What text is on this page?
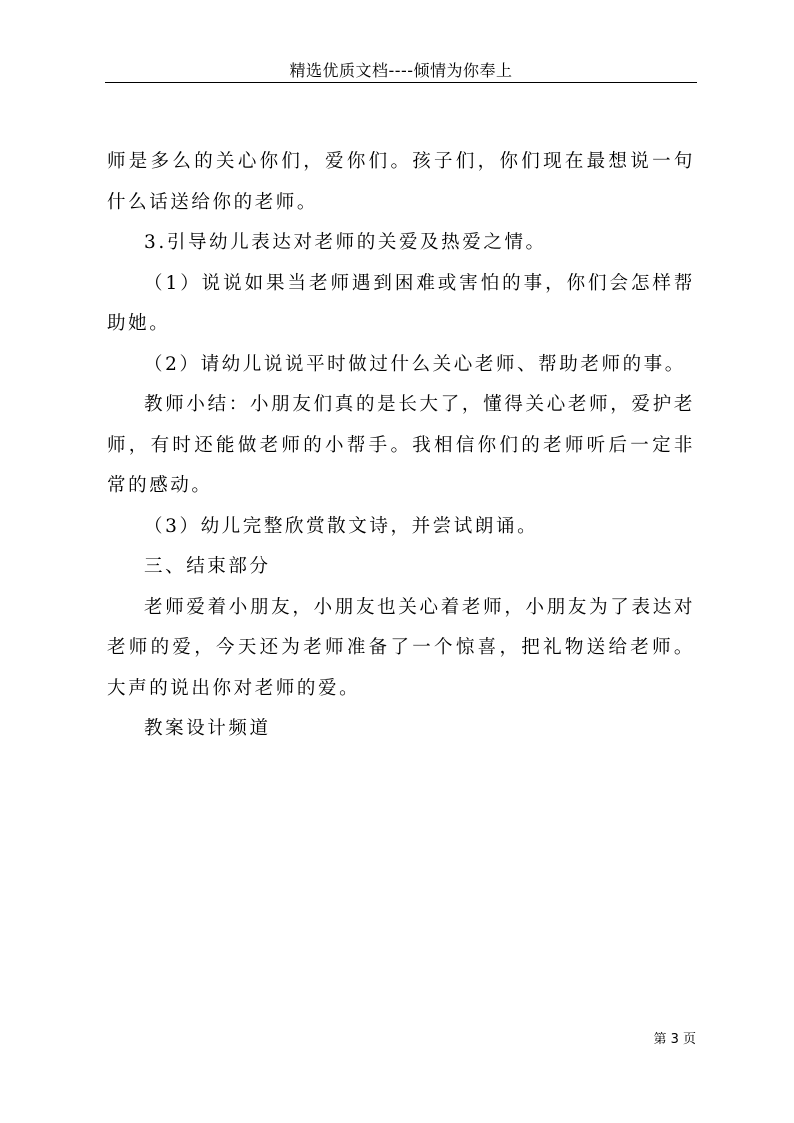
精选优质文档----倾情为你奉上

师是多么的关心你们，爱你们。孩子们，你们现在最想说一句什么话送给你的老师。

3.引导幼儿表达对老师的关爱及热爱之情。

（1）说说如果当老师遇到困难或害怕的事，你们会怎样帮助她。

（2）请幼儿说说平时做过什么关心老师、帮助老师的事。

教师小结：小朋友们真的是长大了，懂得关心老师，爱护老师，有时还能做老师的小帮手。我相信你们的老师听后一定非常的感动。

（3）幼儿完整欣赏散文诗，并尝试朗诵。

三、结束部分

老师爱着小朋友，小朋友也关心着老师，小朋友为了表达对老师的爱，今天还为老师准备了一个惊喜，把礼物送给老师。大声的说出你对老师的爱。

教案设计频道

第 3 页
